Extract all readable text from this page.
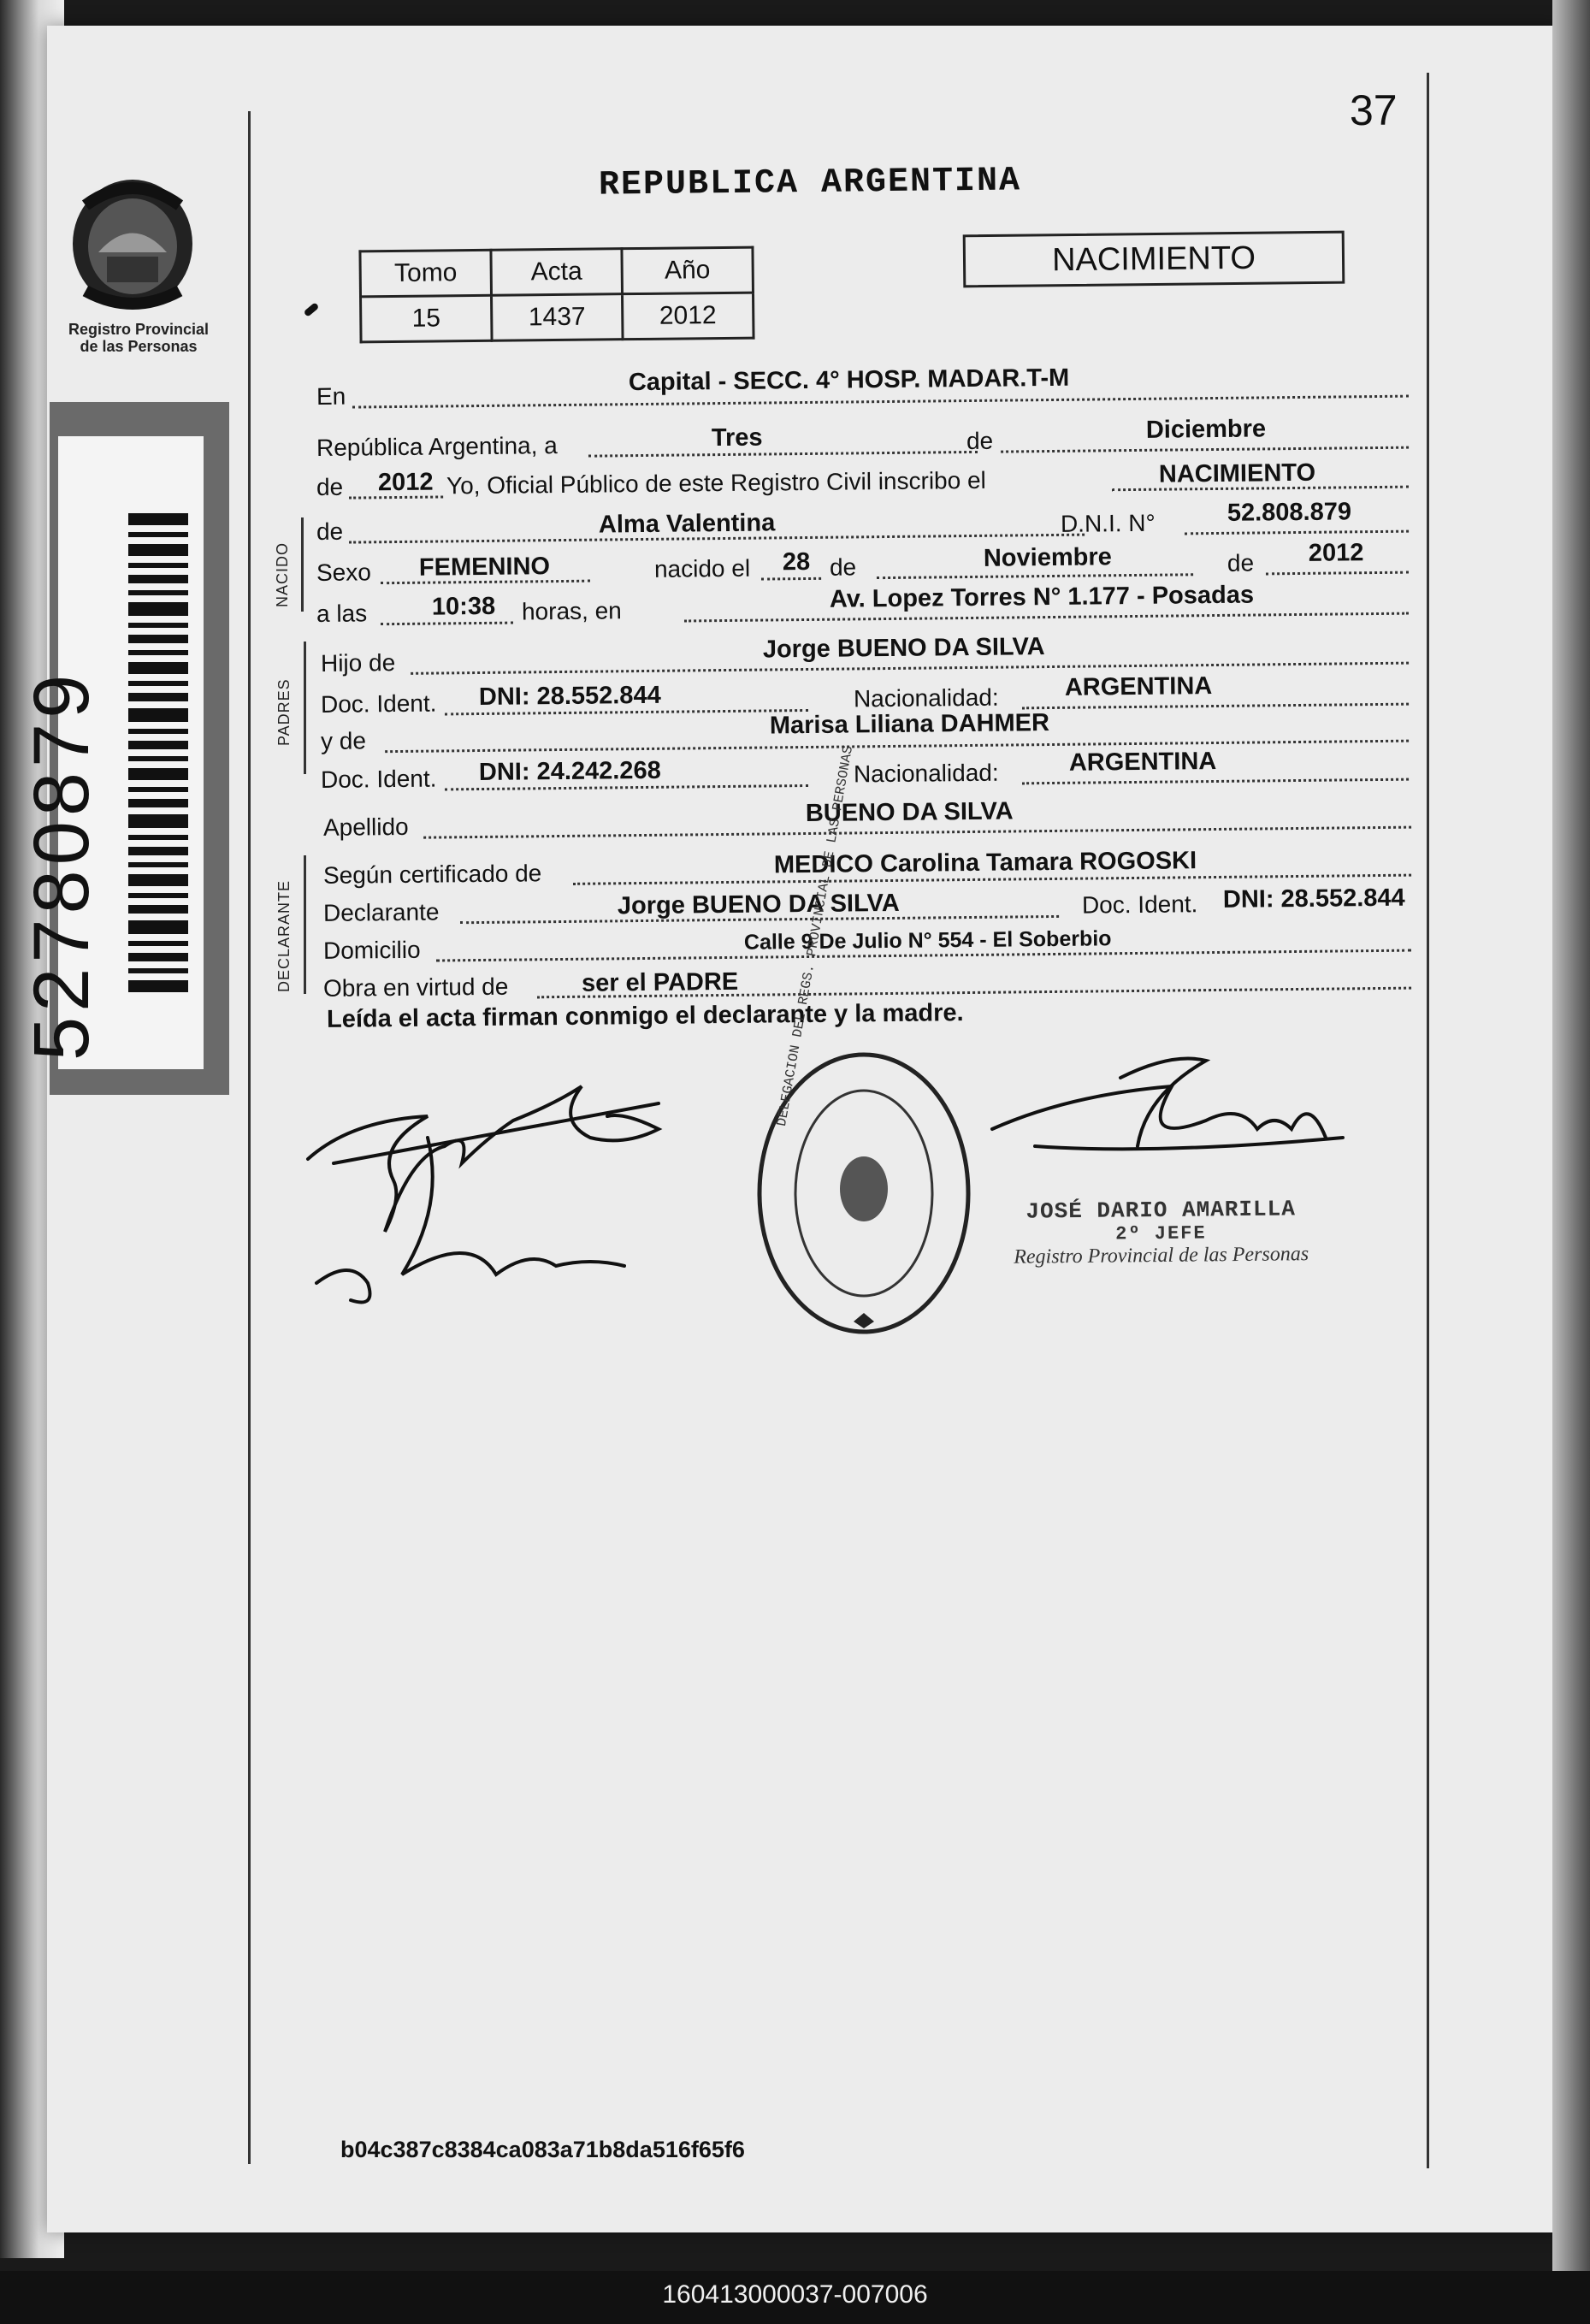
37
REPUBLICA ARGENTINA
Registro Provincial
de las Personas
52780879
Tomo	Acta	Año
15	1437	2012
NACIMIENTO
En
Capital - SECC. 4° HOSP. MADAR.T-M
República Argentina, a	Tres	de	Diciembre
de 2012 Yo, Oficial Público de este Registro Civil inscribo el	NACIMIENTO
NACIDO
de	Alma Valentina	D.N.I. N°	52.808.879
Sexo FEMENINO	nacido el 28 de	Noviembre	de 2012
a las	10:38 horas, en	Av. Lopez Torres N° 1.177 - Posadas
PADRES
Hijo de	Jorge BUENO DA SILVA
Doc. Ident. DNI: 28.552.844	Nacionalidad:	ARGENTINA
y de
Marisa Liliana DAHMER
Doc. Ident. DNI: 24.242.268	Nacionalidad:	ARGENTINA
Apellido	BUENO DA SILVA
DECLARANTE
Según certificado de	MEDICO Carolina Tamara ROGOSKI
Declarante	Jorge BUENO DA SILVA	Doc. Ident. DNI: 28.552.844
Domicilio	Calle 9 De Julio N° 554 - El Soberbio
Obra en virtud de	ser el PADRE
Leída el acta firman conmigo el declarante y la madre.
DELEGACION DEL REGS. PROVINCIAL DE LAS PERSONAS
JOSÉ DARIO AMARILLA
2º JEFE
Registro Provincial de las Personas
b04c387c8384ca083a71b8da516f65f6
160413000037-007006
